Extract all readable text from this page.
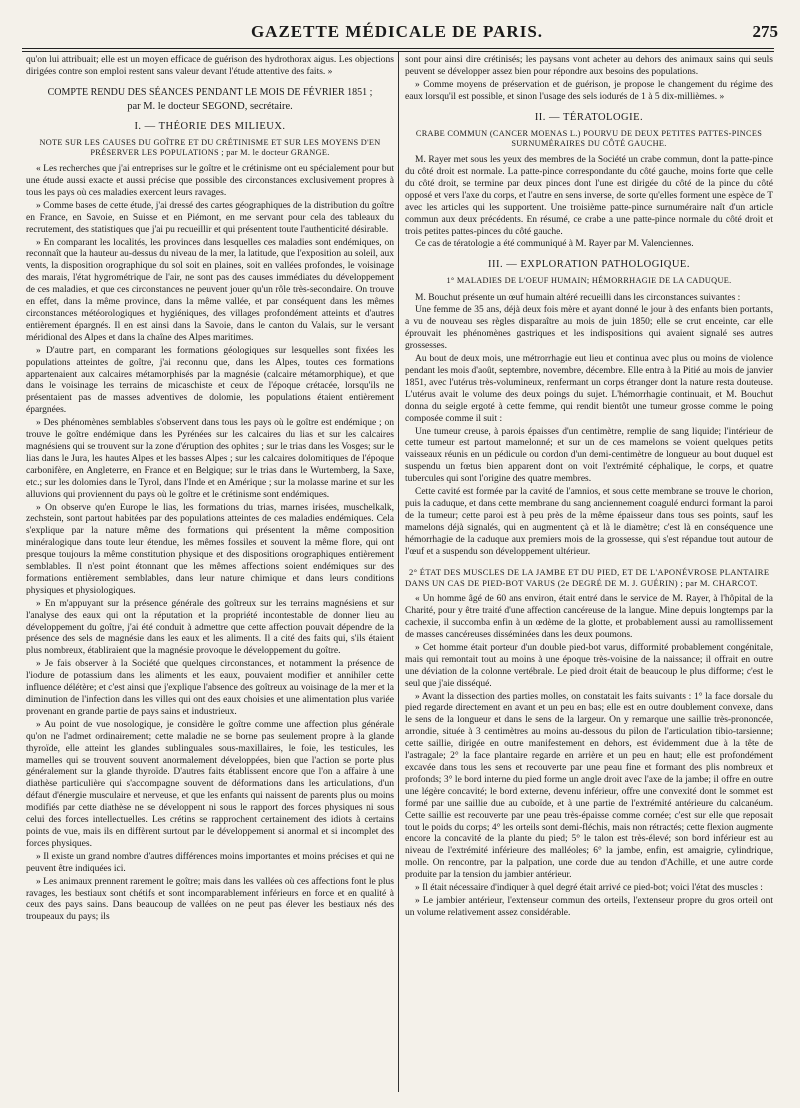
GAZETTE MÉDICALE DE PARIS.	275

qu'on lui attribuait; elle est un moyen efficace de guérison des hydrothorax aigus. Les objections dirigées contre son emploi restent sans valeur devant l'étude attentive des faits. »

COMPTE RENDU DES SÉANCES PENDANT LE MOIS DE FÉVRIER 1851 ;

par M. le docteur SEGOND, secrétaire.

I. — THÉORIE DES MILIEUX.

NOTE SUR LES CAUSES DU GOÎTRE ET DU CRÉTINISME ET SUR LES MOYENS D'EN PRÉSERVER LES POPULATIONS ; par M. le docteur GRANGE.

« Les recherches que j'ai entreprises sur le goître et le crétinisme ont eu spécialement pour but une étude aussi exacte et aussi précise que possible des circonstances exclusivement propres à tous les pays où ces maladies exercent leurs ravages.

» Comme bases de cette étude, j'ai dressé des cartes géographiques de la distribution du goître en France, en Savoie, en Suisse et en Piémont, en me servant pour cela des tableaux du recrutement, des statistiques que j'ai pu recueillir et qui présentent toute l'authenticité désirable.

» En comparant les localités, les provinces dans lesquelles ces maladies sont endémiques, on reconnaît que la hauteur au-dessus du niveau de la mer, la latitude, que l'exposition au soleil, aux vents, la disposition orographique du sol soit en plaines, soit en vallées profondes, le voisinage des marais, l'état hygrométrique de l'air, ne sont pas des causes immédiates du développement de ces maladies, et que ces circonstances ne peuvent jouer qu'un rôle très-secondaire. On trouve en effet, dans la même province, dans la même vallée, et par conséquent dans les mêmes circonstances météorologiques et hygiéniques, des villages profondément atteints et d'autres entièrement épargnés. Il en est ainsi dans la Savoie, dans le canton du Valais, sur le versant méridional des Alpes et dans la chaîne des Alpes maritimes.

» D'autre part, en comparant les formations géologiques sur lesquelles sont fixées les populations atteintes de goître, j'ai reconnu que, dans les Alpes, toutes ces formations appartenaient aux calcaires métamorphisés par la magnésie (calcaire métamorphique), et que dans le voisinage les terrains de micaschiste et ceux de l'époque crétacée, lorsqu'ils ne présentaient pas de masses adventives de dolomie, les populations étaient entièrement épargnées.

» Des phénomènes semblables s'observent dans tous les pays où le goître est endémique ; on trouve le goître endémique dans les Pyrénées sur les calcaires du lias et sur les calcaires magnésiens qui se trouvent sur la zone d'éruption des ophites ; sur le trias dans les Vosges; sur le lias dans le Jura, les hautes Alpes et les basses Alpes ; sur les calcaires dolomitiques de l'époque carbonifère, en Angleterre, en France et en Belgique; sur le trias dans le Wurtemberg, la Saxe, etc.; sur les dolomies dans le Tyrol, dans l'Inde et en Amérique ; sur la molasse marine et sur les alluvions qui proviennent du pays où le goître et le crétinisme sont endémiques.

» On observe qu'en Europe le lias, les formations du trias, marnes irisées, muschelkalk, zechstein, sont partout habitées par des populations atteintes de ces maladies endémiques. Cela s'explique par la nature même des formations qui présentent la même composition minéralogique dans toute leur étendue, les mêmes fossiles et souvent la même flore, qui ont presque toujours la même constitution physique et des dispositions orographiques entièrement semblables. Il n'est point étonnant que les mêmes affections soient endémiques sur des formations entièrement semblables, dans leur nature chimique et dans leurs conditions physiques et physiologiques.

» En m'appuyant sur la présence générale des goîtreux sur les terrains magnésiens et sur l'analyse des eaux qui ont la réputation et la propriété incontestable de donner lieu au développement du goître, j'ai été conduit à admettre que cette affection pouvait dépendre de la présence des sels de magnésie dans les eaux et les aliments. Il a cité des faits qui, s'ils étaient plus nombreux, établiraient que la magnésie provoque le développement du goître.

» Je fais observer à la Société que quelques circonstances, et notamment la présence de l'iodure de potassium dans les aliments et les eaux, pouvaient modifier et annihiler cette influence délétère; et c'est ainsi que j'explique l'absence des goîtreux au voisinage de la mer et la diminution de l'infection dans les villes qui ont des eaux choisies et une alimentation plus variée provenant en grande partie de pays sains et industrieux.

» Au point de vue nosologique, je considère le goître comme une affection plus générale qu'on ne l'admet ordinairement; cette maladie ne se borne pas seulement propre à la glande thyroïde, elle atteint les glandes sublinguales sous-maxillaires, le foie, les testicules, les mamelles qui se trouvent souvent anormalement développées, bien que l'action se porte plus généralement sur la glande thyroïde. D'autres faits établissent encore que l'on a affaire à une diathèse particulière qui s'accompagne souvent de déformations dans les articulations, d'un défaut d'énergie musculaire et nerveuse, et que les enfants qui naissent de parents plus ou moins modifiés par cette diathèse ne se développent ni sous le rapport des forces physiques ni sous celui des forces intellectuelles. Les crétins se rapprochent certainement des idiots à certains points de vue, mais ils en diffèrent surtout par le développement si anormal et si incomplet des forces physiques.

» Il existe un grand nombre d'autres différences moins importantes et moins précises et qui ne peuvent être indiquées ici.

» Les animaux prennent rarement le goître; mais dans les vallées où ces affections font le plus ravages, les bestiaux sont chétifs et sont incomparablement inférieurs en force et en qualité à ceux des pays sains. Dans beaucoup de vallées on ne peut pas élever les bestiaux nés des troupeaux du pays; ils

sont pour ainsi dire crétinisés; les paysans vont acheter au dehors des animaux sains qui seuls peuvent se développer assez bien pour répondre aux besoins des populations.

» Comme moyens de préservation et de guérison, je propose le changement du régime des eaux lorsqu'il est possible, et sinon l'usage des sels iodurés de 1 à 5 dix-millièmes. »

II. — TÉRATOLOGIE.

CRABE COMMUN (CANCER MOENAS L.) POURVU DE DEUX PETITES PATTES-PINCES SURNUMÉRAIRES DU CÔTÉ GAUCHE.

M. Rayer met sous les yeux des membres de la Société un crabe commun, dont la patte-pince du côté droit est normale. La patte-pince correspondante du côté gauche, moins forte que celle du côté droit, se termine par deux pinces dont l'une est dirigée du côté de la pince du côté opposé et vers l'axe du corps, et l'autre en sens inverse, de sorte qu'elles forment une espèce de T avec les articles qui les supportent. Une troisième patte-pince surnuméraire naît d'un article commun aux deux précédents. En résumé, ce crabe a une patte-pince normale du côté droit et trois petites pattes-pinces du côté gauche.

Ce cas de tératologie a été communiqué à M. Rayer par M. Valenciennes.

III. — EXPLORATION PATHOLOGIQUE.

1° MALADIES DE L'OEUF HUMAIN; HÉMORRHAGIE DE LA CADUQUE.

M. Bouchut présente un œuf humain altéré recueilli dans les circonstances suivantes :

Une femme de 35 ans, déjà deux fois mère et ayant donné le jour à des enfants bien portants, a vu de nouveau ses règles disparaître au mois de juin 1850; elle se crut enceinte, car elle éprouvait les phénomènes gastriques et les indispositions qui avaient signalé ses autres grossesses.

Au bout de deux mois, une métrorrhagie eut lieu et continua avec plus ou moins de violence pendant les mois d'août, septembre, novembre, décembre. Elle entra à la Pitié au mois de janvier 1851, avec l'utérus très-volumineux, renfermant un corps étranger dont la nature resta douteuse. L'utérus avait le volume des deux poings du sujet. L'hémorrhagie continuait, et M. Bouchut donna du seigle ergoté à cette femme, qui rendit bientôt une tumeur grosse comme le poing composée comme il suit :

Une tumeur creuse, à parois épaisses d'un centimètre, remplie de sang liquide; l'intérieur de cette tumeur est partout mamelonné; et sur un de ces mamelons se voient quelques petits vaisseaux réunis en un pédicule ou cordon d'un demi-centimètre de longueur au bout duquel est suspendu un fœtus bien apparent dont on voit l'extrémité céphalique, le corps, et quatre tubercules qui sont l'origine des quatre membres.

Cette cavité est formée par la cavité de l'amnios, et sous cette membrane se trouve le chorion, puis la caduque, et dans cette membrane du sang anciennement coagulé endurci formant la paroi de la tumeur; cette paroi est à peu près de la même épaisseur dans tous ses points, sauf les mamelons déjà signalés, qui en augmentent çà et là le diamètre; c'est là en conséquence une hémorrhagie de la caduque aux premiers mois de la grossesse, qui s'est répandue tout autour de l'œuf et a suspendu son développement ultérieur.

2° ÉTAT DES MUSCLES DE LA JAMBE ET DU PIED, ET DE L'APONÉVROSE PLANTAIRE DANS UN CAS DE PIED-BOT VARUS (2e DEGRÉ DE M. J. GUÉRIN) ; par M. CHARCOT.

« Un homme âgé de 60 ans environ, était entré dans le service de M. Rayer, à l'hôpital de la Charité, pour y être traité d'une affection cancéreuse de la langue. Mine depuis longtemps par la cachexie, il succomba enfin à un œdème de la glotte, et probablement aussi au ramollissement de masses cancéreuses disséminées dans les deux poumons.

» Cet homme était porteur d'un double pied-bot varus, difformité probablement congénitale, mais qui remontait tout au moins à une époque très-voisine de la naissance; il offrait en outre une déviation de la colonne vertébrale. Le pied droit était de beaucoup le plus difforme; c'est le seul que j'aie disséqué.

» Avant la dissection des parties molles, on constatait les faits suivants : 1° la face dorsale du pied regarde directement en avant et un peu en bas; elle est en outre doublement convexe, dans le sens de la longueur et dans le sens de la largeur. On y remarque une saillie très-prononcée, arrondie, située à 3 centimètres au moins au-dessous du pilon de l'articulation tibio-tarsienne; cette saillie, dirigée en outre manifestement en dehors, est évidemment due à la tête de l'astragale; 2° la face plantaire regarde en arrière et un peu en haut; elle est profondément excavée dans tous les sens et recouverte par une peau fine et formant des plis nombreux et profonds; 3° le bord interne du pied forme un angle droit avec l'axe de la jambe; il offre en outre une légère concavité; le bord externe, devenu inférieur, offre une convexité dont le sommet est formé par une saillie due au cuboïde, et à une partie de l'extrémité antérieure du calcanéum. Cette saillie est recouverte par une peau très-épaisse comme cornée; c'est sur elle que reposait tout le poids du corps; 4° les orteils sont demi-fléchis, mais non rétractés; cette flexion augmente encore la concavité de la plante du pied; 5° le talon est très-élevé; son bord inférieur est au niveau de l'extrémité inférieure des malléoles; 6° la jambe, enfin, est amaigrie, cylindrique, molle. On rencontre, par la palpation, une corde due au tendon d'Achille, et une autre corde produite par la tension du jambier antérieur.

» Il était nécessaire d'indiquer à quel degré était arrivé ce pied-bot; voici l'état des muscles :

» Le jambier antérieur, l'extenseur commun des orteils, l'extenseur propre du gros orteil ont un volume relativement assez considérable.
